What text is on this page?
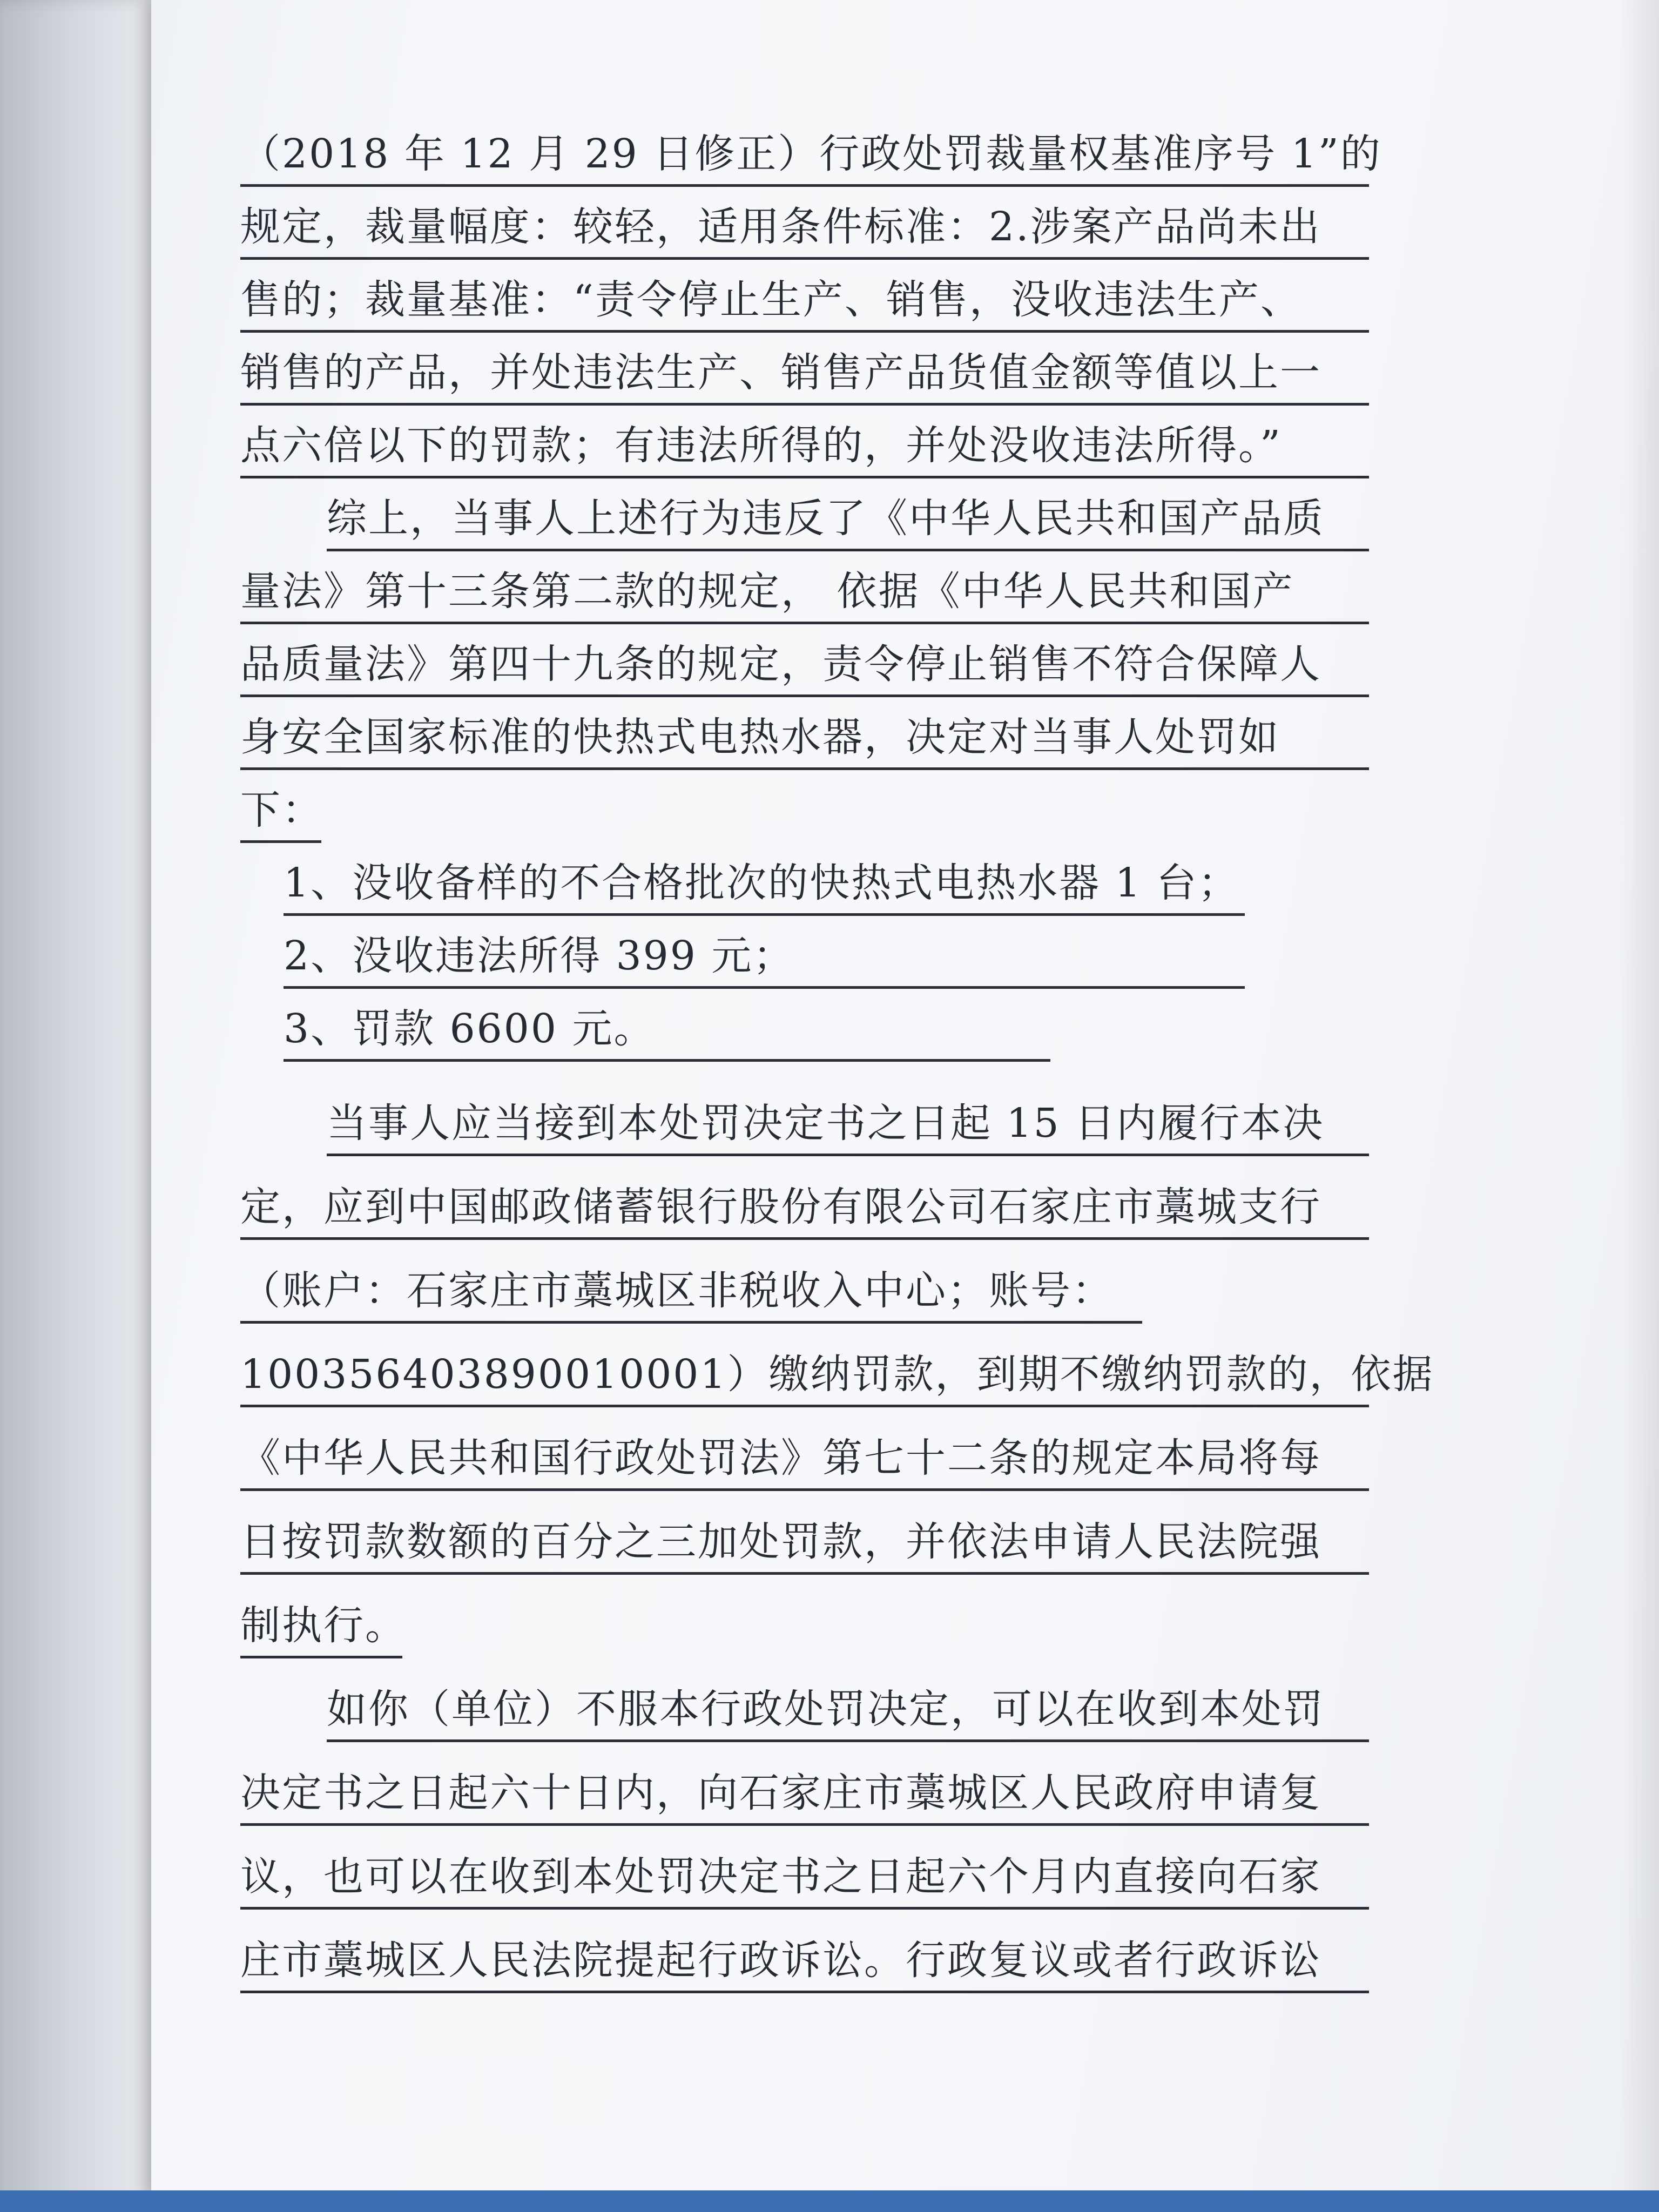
（2018 年 12 月 29 日修正）行政处罚裁量权基准序号 1”的
规定，裁量幅度：较轻，适用条件标准：2.涉案产品尚未出
售的；裁量基准：“责令停止生产、销售，没收违法生产、
销售的产品，并处违法生产、销售产品货值金额等值以上一
点六倍以下的罚款；有违法所得的，并处没收违法所得。”
综上，当事人上述行为违反了《中华人民共和国产品质
量法》第十三条第二款的规定， 依据《中华人民共和国产
品质量法》第四十九条的规定，责令停止销售不符合保障人
身安全国家标准的快热式电热水器，决定对当事人处罚如
下：
1、没收备样的不合格批次的快热式电热水器 1 台；
2、没收违法所得 399 元；
3、罚款 6600 元。
当事人应当接到本处罚决定书之日起 15 日内履行本决
定，应到中国邮政储蓄银行股份有限公司石家庄市藁城支行
（账户：石家庄市藁城区非税收入中心；账号：
100356403890010001）缴纳罚款，到期不缴纳罚款的，依据
《中华人民共和国行政处罚法》第七十二条的规定本局将每
日按罚款数额的百分之三加处罚款，并依法申请人民法院强
制执行。
如你（单位）不服本行政处罚决定，可以在收到本处罚
决定书之日起六十日内，向石家庄市藁城区人民政府申请复
议，也可以在收到本处罚决定书之日起六个月内直接向石家
庄市藁城区人民法院提起行政诉讼。行政复议或者行政诉讼
